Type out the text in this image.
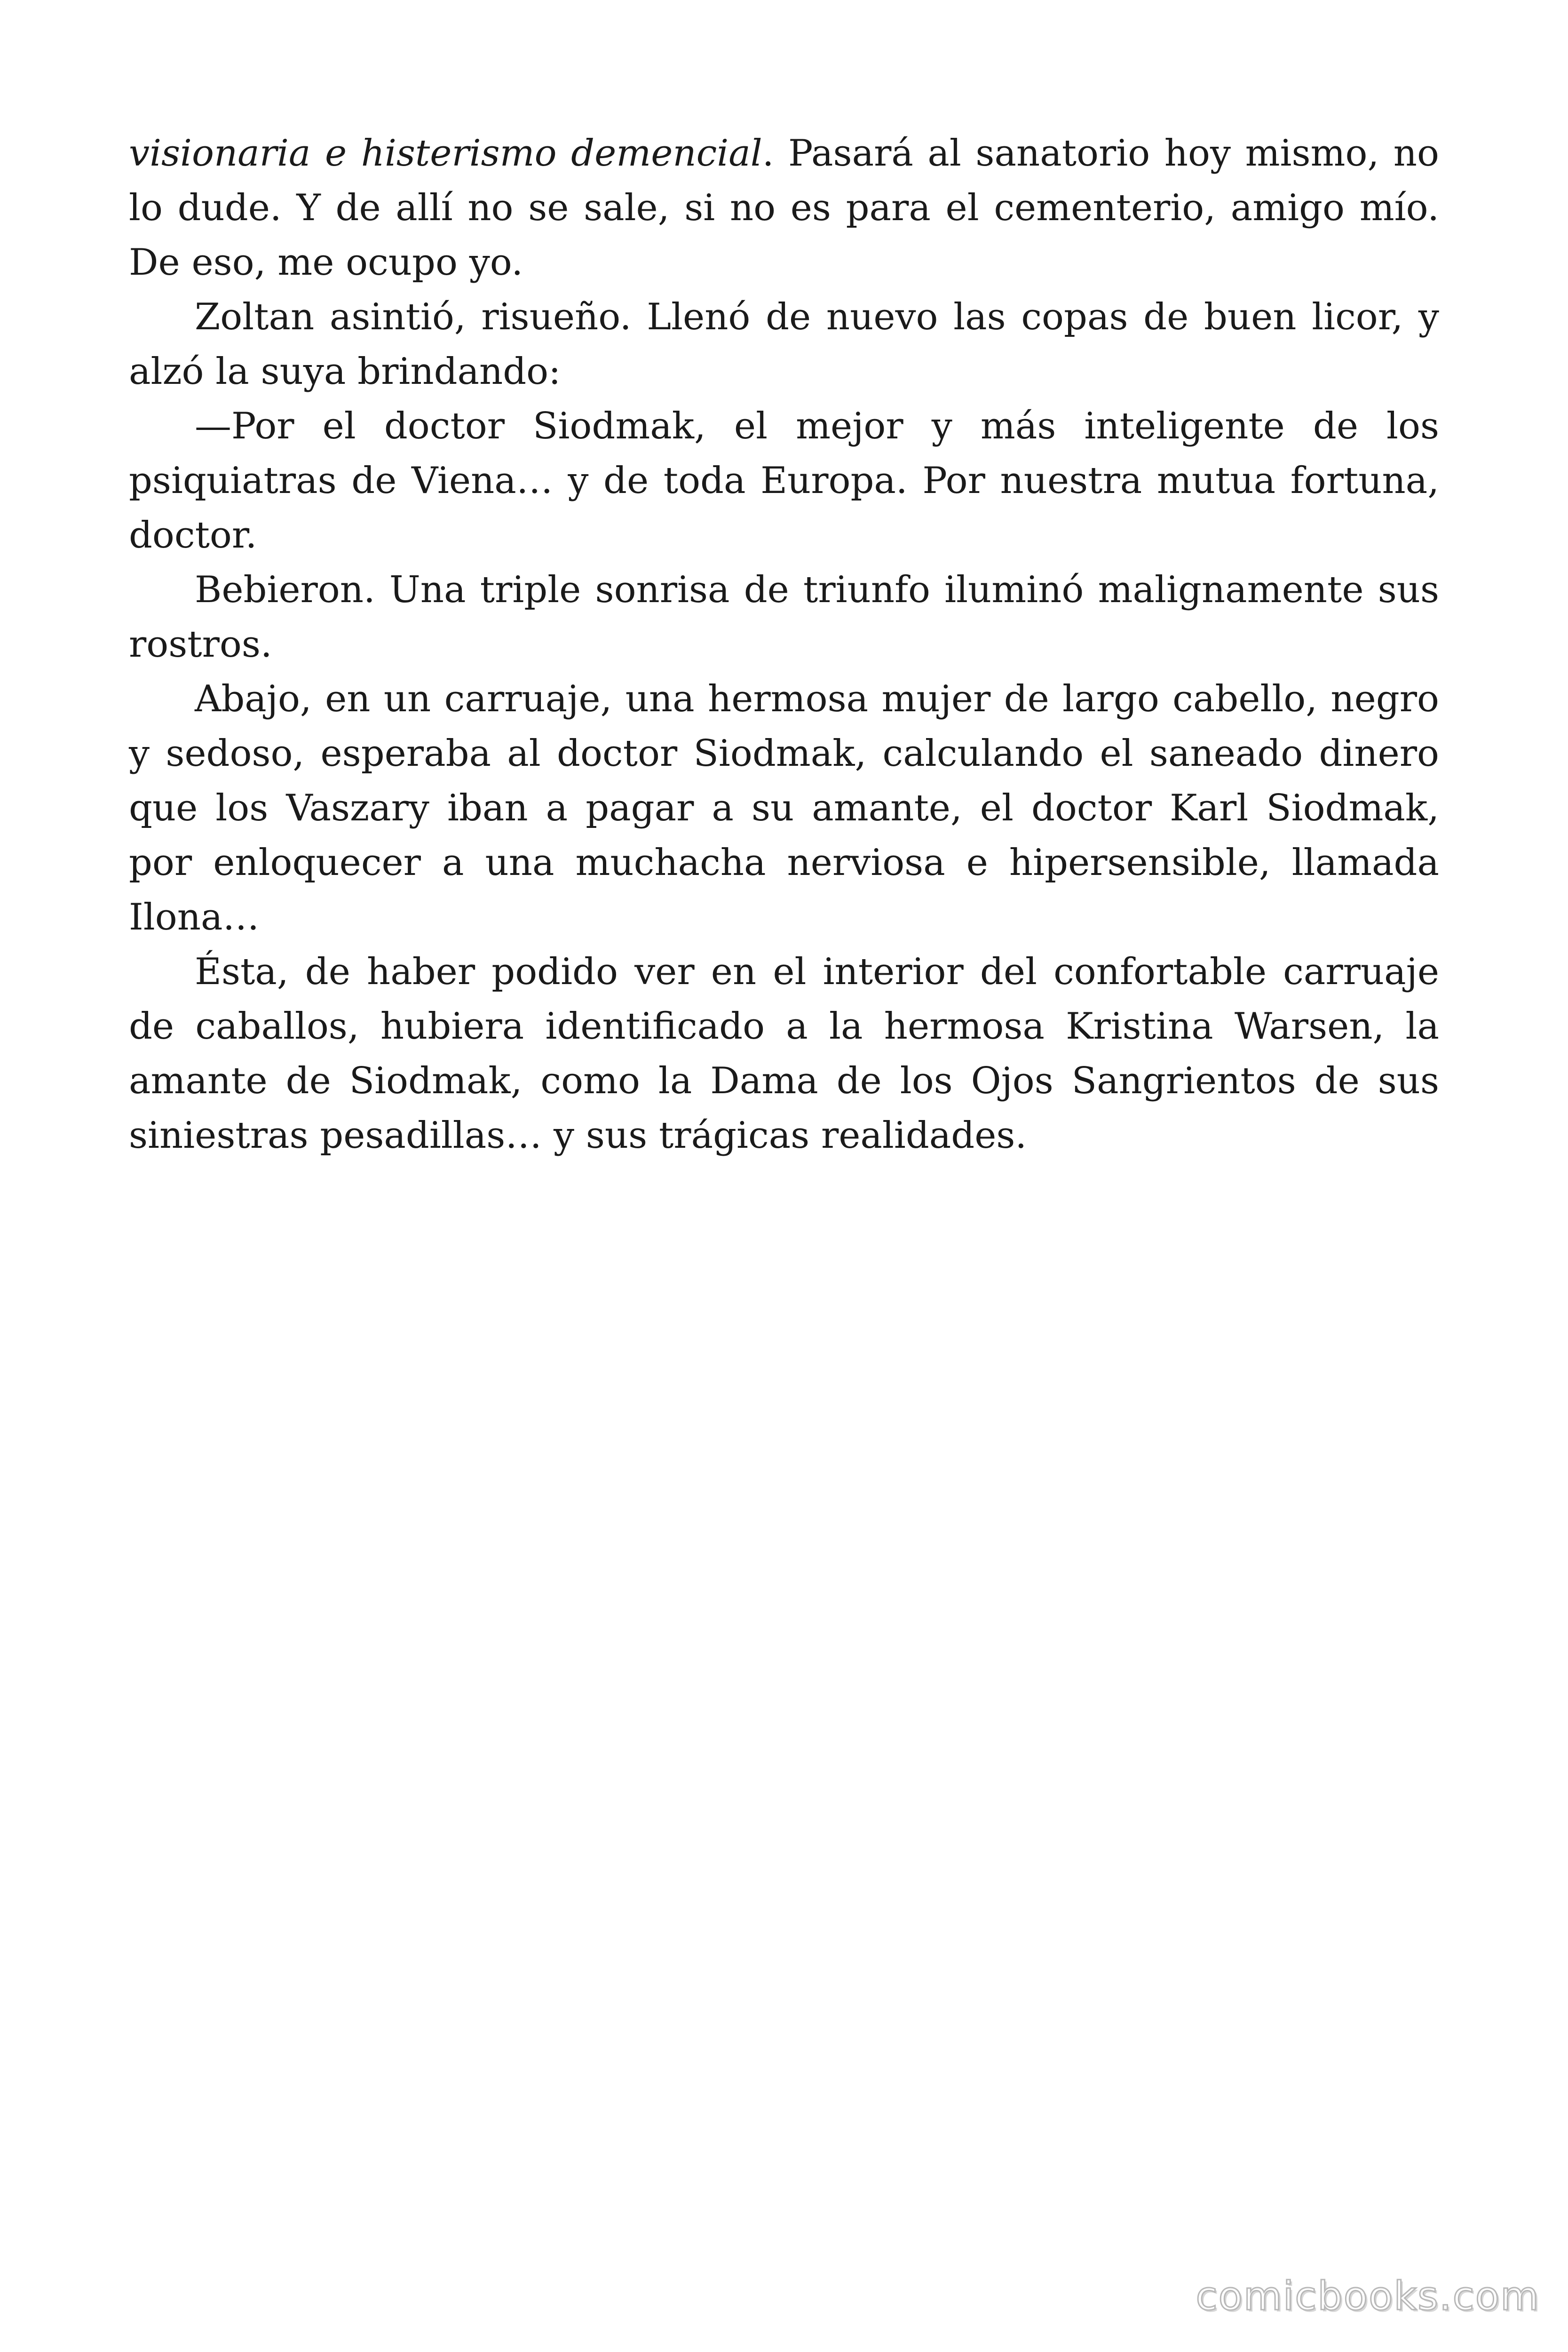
visionaria e histerismo demencial. Pasará al sanatorio hoy mismo, no lo dude. Y de allí no se sale, si no es para el cementerio, amigo mío. De eso, me ocupo yo.

Zoltan asintió, risueño. Llenó de nuevo las copas de buen licor, y alzó la suya brindando:

—Por el doctor Siodmak, el mejor y más inteligente de los psiquiatras de Viena… y de toda Europa. Por nuestra mutua fortuna, doctor.

Bebieron. Una triple sonrisa de triunfo iluminó malignamente sus rostros.

Abajo, en un carruaje, una hermosa mujer de largo cabello, negro y sedoso, esperaba al doctor Siodmak, calculando el saneado dinero que los Vaszary iban a pagar a su amante, el doctor Karl Siodmak, por enloquecer a una muchacha nerviosa e hipersensible, llamada Ilona…

Ésta, de haber podido ver en el interior del confortable carruaje de caballos, hubiera identificado a la hermosa Kristina Warsen, la amante de Siodmak, como la Dama de los Ojos Sangrientos de sus siniestras pesadillas… y sus trágicas realidades.

comicbooks.com
